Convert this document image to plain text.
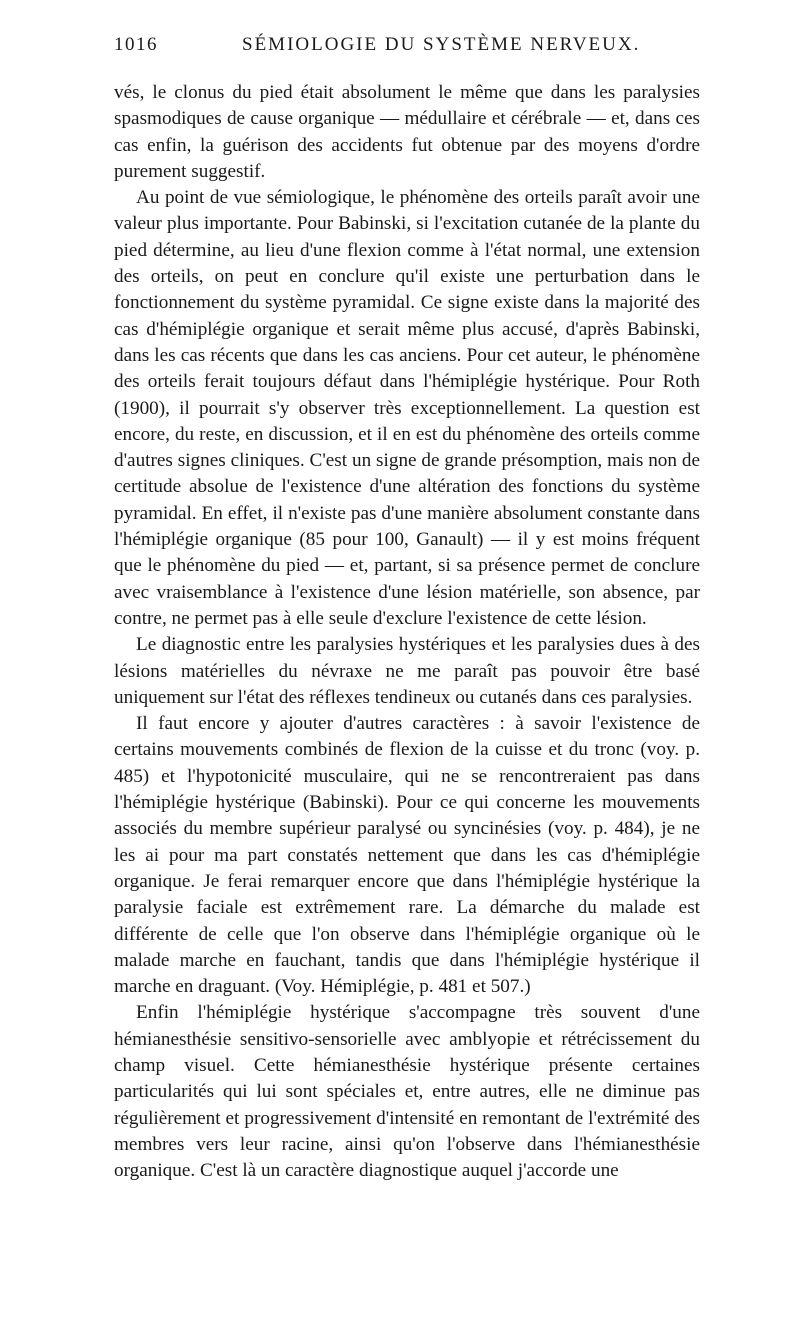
1016	SÉMIOLOGIE DU SYSTÈME NERVEUX.

vés, le clonus du pied était absolument le même que dans les paralysies spasmodiques de cause organique — médullaire et cérébrale — et, dans ces cas enfin, la guérison des accidents fut obtenue par des moyens d'ordre purement suggestif.

Au point de vue sémiologique, le phénomène des orteils paraît avoir une valeur plus importante. Pour Babinski, si l'excitation cutanée de la plante du pied détermine, au lieu d'une flexion comme à l'état normal, une extension des orteils, on peut en conclure qu'il existe une perturbation dans le fonctionnement du système pyramidal. Ce signe existe dans la majorité des cas d'hémiplégie organique et serait même plus accusé, d'après Babinski, dans les cas récents que dans les cas anciens. Pour cet auteur, le phénomène des orteils ferait toujours défaut dans l'hémiplégie hystérique. Pour Roth (1900), il pourrait s'y observer très exceptionnellement. La question est encore, du reste, en discussion, et il en est du phénomène des orteils comme d'autres signes cliniques. C'est un signe de grande présomption, mais non de certitude absolue de l'existence d'une altération des fonctions du système pyramidal. En effet, il n'existe pas d'une manière absolument constante dans l'hémiplégie organique (85 pour 100, Ganault) — il y est moins fréquent que le phénomène du pied — et, partant, si sa présence permet de conclure avec vraisemblance à l'existence d'une lésion matérielle, son absence, par contre, ne permet pas à elle seule d'exclure l'existence de cette lésion.

Le diagnostic entre les paralysies hystériques et les paralysies dues à des lésions matérielles du névraxe ne me paraît pas pouvoir être basé uniquement sur l'état des réflexes tendineux ou cutanés dans ces paralysies.

Il faut encore y ajouter d'autres caractères : à savoir l'existence de certains mouvements combinés de flexion de la cuisse et du tronc (voy. p. 485) et l'hypotonicité musculaire, qui ne se rencontreraient pas dans l'hémiplégie hystérique (Babinski). Pour ce qui concerne les mouvements associés du membre supérieur paralysé ou syncinésies (voy. p. 484), je ne les ai pour ma part constatés nettement que dans les cas d'hémiplégie organique. Je ferai remarquer encore que dans l'hémiplégie hystérique la paralysie faciale est extrêmement rare. La démarche du malade est différente de celle que l'on observe dans l'hémiplégie organique où le malade marche en fauchant, tandis que dans l'hémiplégie hystérique il marche en draguant. (Voy. Hémiplégie, p. 481 et 507.)

Enfin l'hémiplégie hystérique s'accompagne très souvent d'une hémianesthésie sensitivo-sensorielle avec amblyopie et rétrécissement du champ visuel. Cette hémianesthésie hystérique présente certaines particularités qui lui sont spéciales et, entre autres, elle ne diminue pas régulièrement et progressivement d'intensité en remontant de l'extrémité des membres vers leur racine, ainsi qu'on l'observe dans l'hémianesthésie organique. C'est là un caractère diagnostique auquel j'accorde une
